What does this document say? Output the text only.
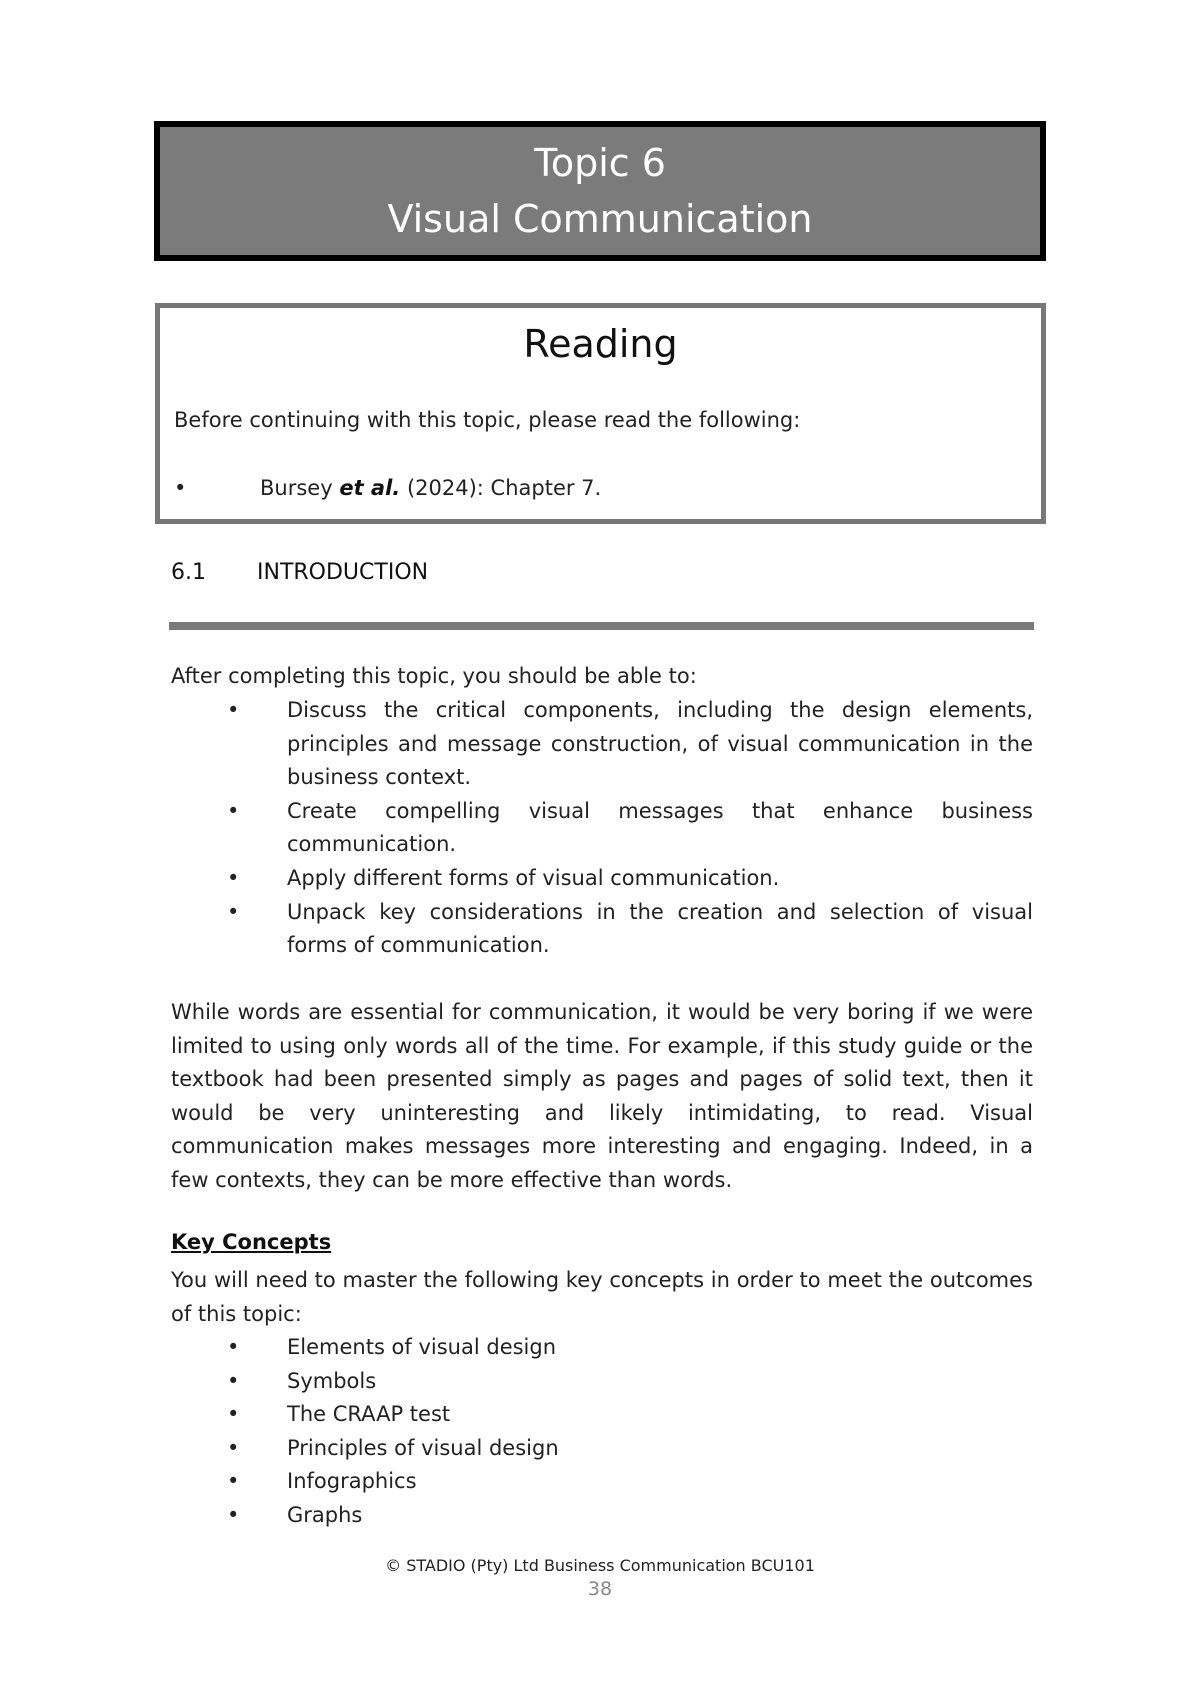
Topic 6
Visual Communication
Reading
Before continuing with this topic, please read the following:
•	Bursey et al. (2024): Chapter 7.
6.1 INTRODUCTION
After completing this topic, you should be able to:
• Discuss the critical components, including the design elements, principles and message construction, of visual communication in the business context.
• Create compelling visual messages that enhance business communication.
• Apply different forms of visual communication.
• Unpack key considerations in the creation and selection of visual forms of communication.
While words are essential for communication, it would be very boring if we were limited to using only words all of the time. For example, if this study guide or the textbook had been presented simply as pages and pages of solid text, then it would be very uninteresting and likely intimidating, to read. Visual communication makes messages more interesting and engaging. Indeed, in a few contexts, they can be more effective than words.
Key Concepts
You will need to master the following key concepts in order to meet the outcomes of this topic:
• Elements of visual design
• Symbols
• The CRAAP test
• Principles of visual design
• Infographics
• Graphs
© STADIO (Pty) Ltd Business Communication BCU101
38
